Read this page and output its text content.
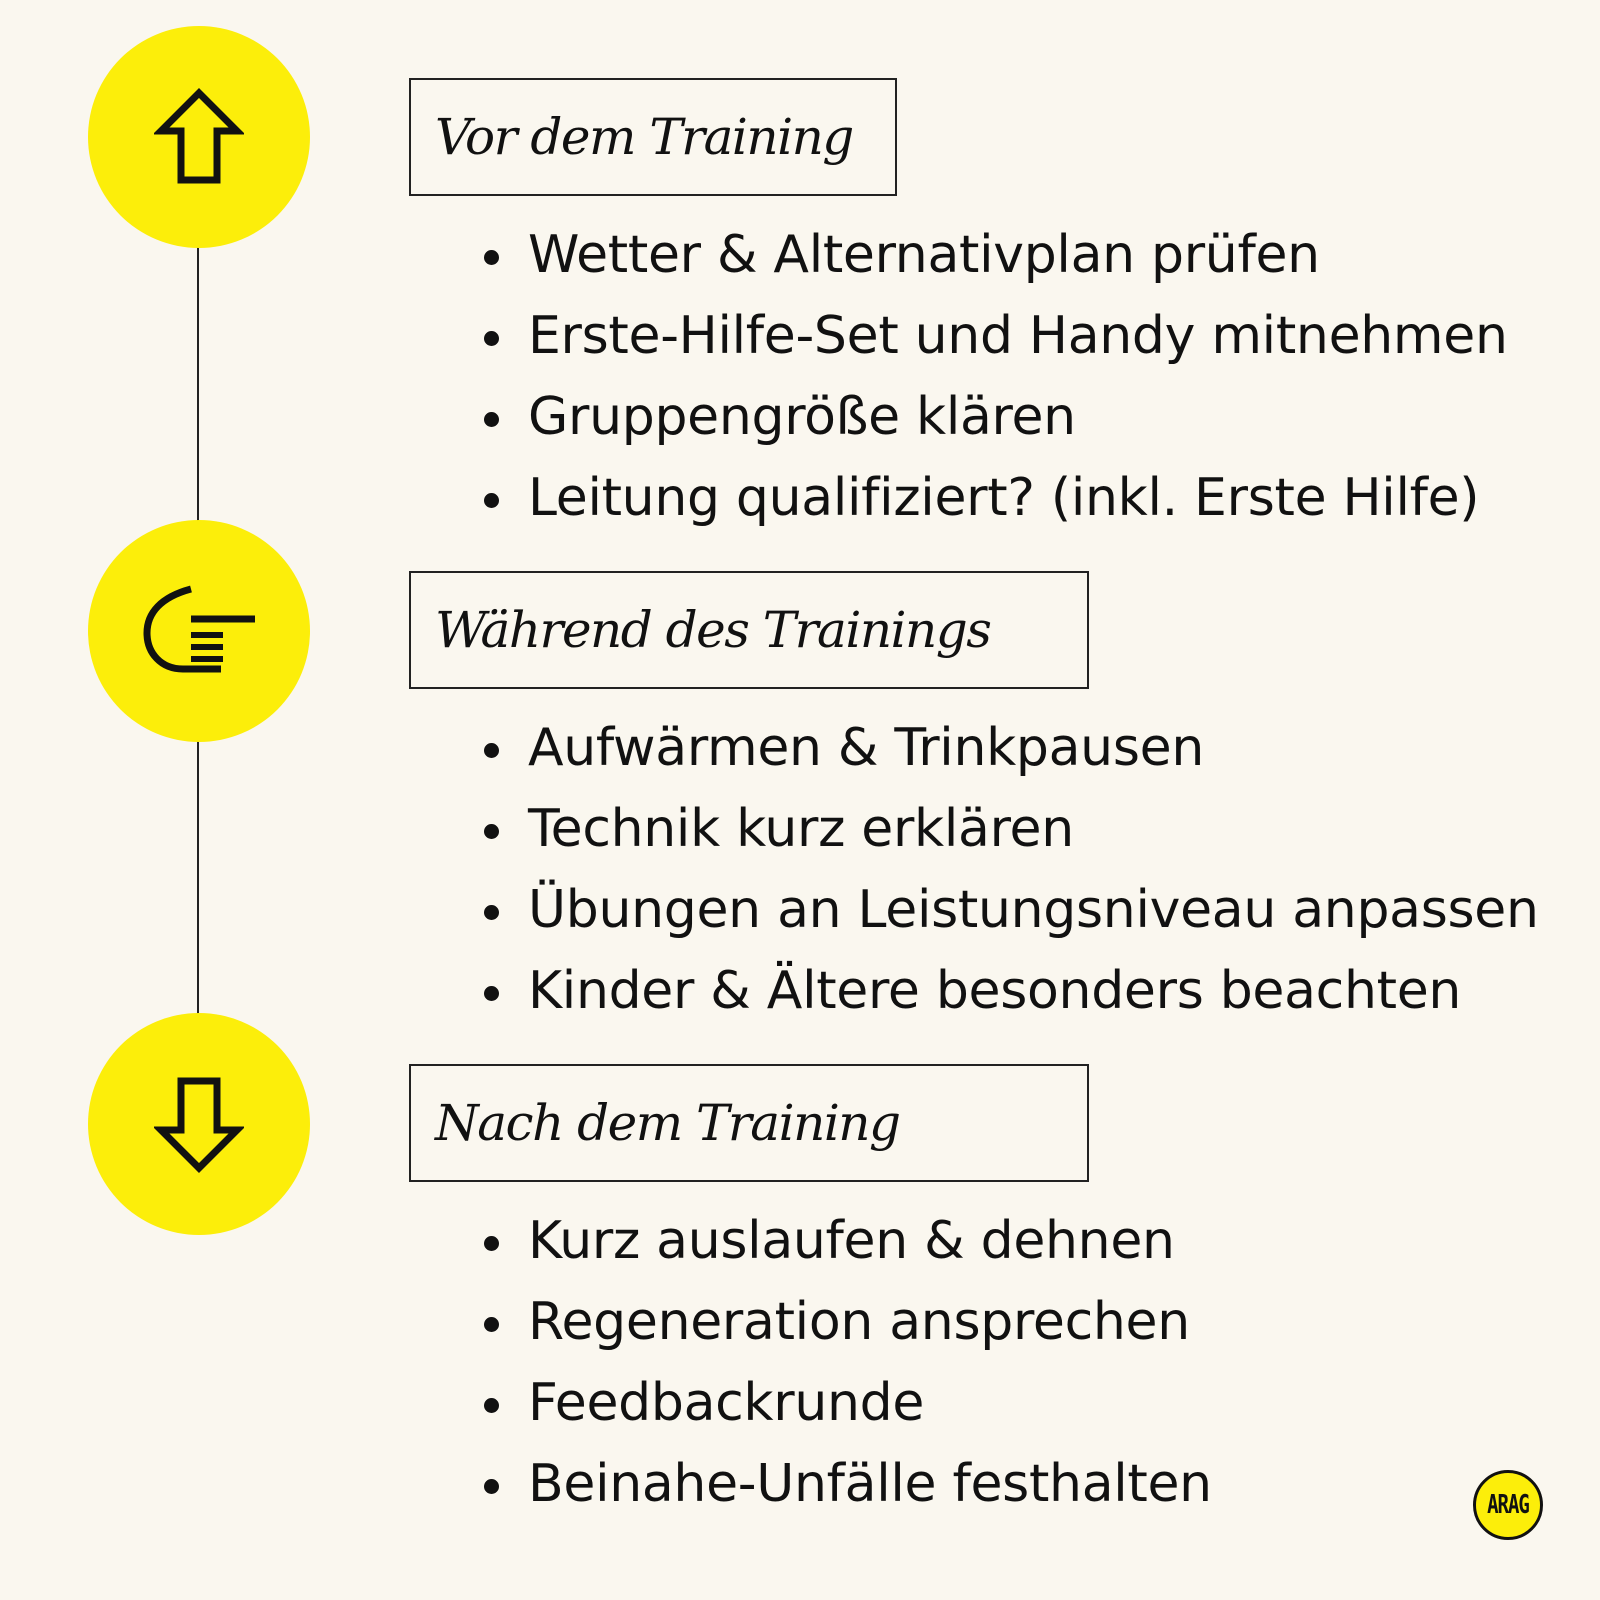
Vor dem Training
Wetter & Alternativplan prüfen
Erste-Hilfe-Set und Handy mitnehmen
Gruppengröße klären
Leitung qualifiziert? (inkl. Erste Hilfe)
Während des Trainings
Aufwärmen & Trinkpausen
Technik kurz erklären
Übungen an Leistungsniveau anpassen
Kinder & Ältere besonders beachten
Nach dem Training
Kurz auslaufen & dehnen
Regeneration ansprechen
Feedbackrunde
Beinahe-Unfälle festhalten	ARAG
